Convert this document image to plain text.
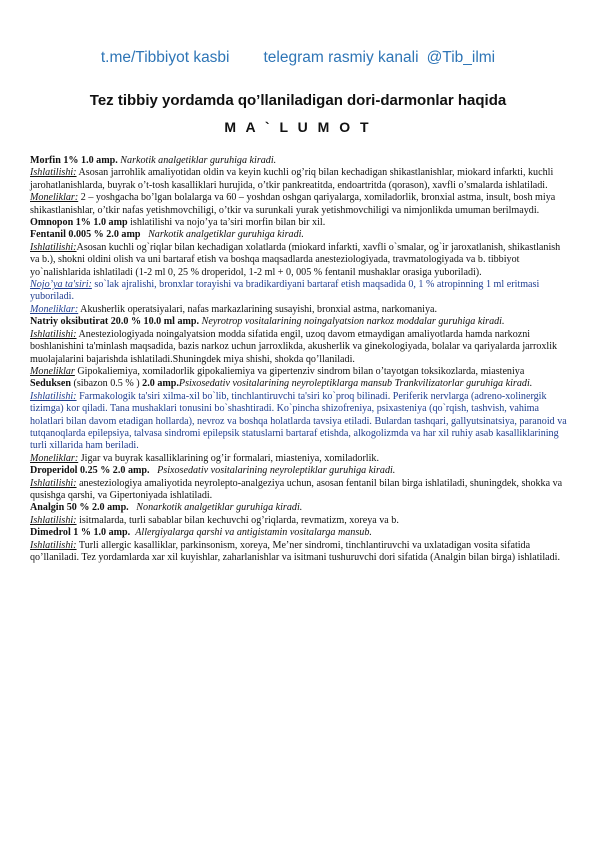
t.me/Tibbiyot kasbi telegram rasmiy kanali @Tib_ilmi
Tez tibbiy yordamda qo’llaniladigan dori-darmonlar haqida
M A ` L U M O T

Morfin 1% 1.0 amp. Narkotik analgetiklar guruhiga kiradi.

Ishlatilishi: Asosan jarrohlik amaliyotidan oldin va keyin kuchli og’riq bilan kechadigan shikastlanishlar, miokard infarkti, kuchli jarohatlanishlarda, buyrak o’t-tosh kasalliklari hurujida, o’tkir pankreatitda, endoartritda (qorason), xavfli o’smalarda ishlatiladi.

Moneliklar: 2 – yoshgacha bo’lgan bolalarga va 60 – yoshdan oshgan qariyalarga, xomiladorlik, bronxial astma, insult, bosh miya shikastlanishlar, o’tkir nafas yetishmovchiligi, o’tkir va surunkali yurak yetishmovchiligi va nimjonlikda umuman berilmaydi.

Omnopon 1% 1.0 amp ishlatilishi va nojo’ya ta’siri morfin bilan bir xil.

Fentanil 0.005 % 2.0 amp Narkotik analgetiklar guruhiga kiradi.

Ishlatilishi:Asosan kuchli og`riqlar bilan kechadigan xolatlarda (miokard infarkti, xavfli o`smalar, og`ir jaroxatlanish, shikastlanish va b.), shokni oldini olish va uni bartaraf etish va boshqa maqsadlarda anesteziologiyada, travmatologiyada va b. tibbiyot yo`nalishlarida ishlatiladi (1-2 ml 0, 25 % droperidol, 1-2 ml + 0, 005 % fentanil mushaklar orasiga yuboriladi).

Nojo’ya ta'siri: so`lak ajralishi, bronxlar torayishi va bradikardiyani bartaraf etish maqsadida 0, 1 % atropinning 1 ml eritmasi yuboriladi.

Moneliklar: Akusherlik operatsiyalari, nafas markazlarining susayishi, bronxial astma, narkomaniya.

Natriy oksibutirat 20.0 % 10.0 ml amp. Neyrotrop vositalarining noingalyatsion narkoz moddalar guruhiga kiradi.

Ishlatilishi: Anesteziologiyada noingalyatsion modda sifatida engil, uzoq davom etmaydigan amaliyotlarda hamda narkozni boshlanishini ta'minlash maqsadida, bazis narkoz uchun jarroxlikda, akusherlik va ginekologiyada, bolalar va qariyalarda jarroxlik muolajalarini bajarishda ishlatiladi.Shuningdek miya shishi, shokda qo’llaniladi.

Moneliklar Gipokaliemiya, xomiladorlik gipokaliemiya va gipertenziv sindrom bilan o’tayotgan toksikozlarda, miasteniya

Seduksen (sibazon 0.5 % ) 2.0 amp.Psixosedativ vositalarining neyroleptiklarga mansub Trankvilizatorlar guruhiga kiradi.

Ishlatilishi: Farmakologik ta'siri xilma-xil bo`lib, tinchlantiruvchi ta'siri ko`proq bilinadi. Periferik nervlarga (adreno-xolinergik tizimga) kor qiladi. Tana mushaklari tonusini bo`shashtiradi. Ko`pincha shizofreniya, psixasteniya (qo`rqish, tashvish, vahima holatlari bilan davom etadigan hollarda), nevroz va boshqa holatlarda tavsiya etiladi. Bulardan tashqari, gallyutsinatsiya, paranoid va tutqanoqlarda epilepsiya, talvasa sindromi epilepsik statuslarni bartaraf etishda, alkogolizmda va har xil ruhiy asab kasalliklarining turli xillarida ham beriladi.

Moneliklar: Jigar va buyrak kasalliklarining og’ir formalari, miasteniya, xomiladorlik.

Droperidol 0.25 % 2.0 amp. Psixosedativ vositalarining neyroleptiklar guruhiga kiradi.

Ishlatilishi: anesteziologiya amaliyotida neyrolepto-analgeziya uchun, asosan fentanil bilan birga ishlatiladi, shuningdek, shokka va qusishga qarshi, va Gipertoniyada ishlatiladi.

Analgin 50 % 2.0 amp. Nonarkotik analgetiklar guruhiga kiradi.

Ishlatilishi: isitmalarda, turli sabablar bilan kechuvchi og’riqlarda, revmatizm, xoreya va b.

Dimedrol 1 % 1.0 amp. Allergiyalarga qarshi va antigistamin vositalarga mansub.

Ishlatilishi: Turli allergic kasalliklar, parkinsonism, xoreya, Me’ner sindromi, tinchlantiruvchi va uxlatadigan vosita sifatida qo’llaniladi. Tez yordamlarda xar xil kuyishlar, zaharlanishlar va isitmani tushuruvchi dori sifatida (Analgin bilan birga) ishlatiladi.
